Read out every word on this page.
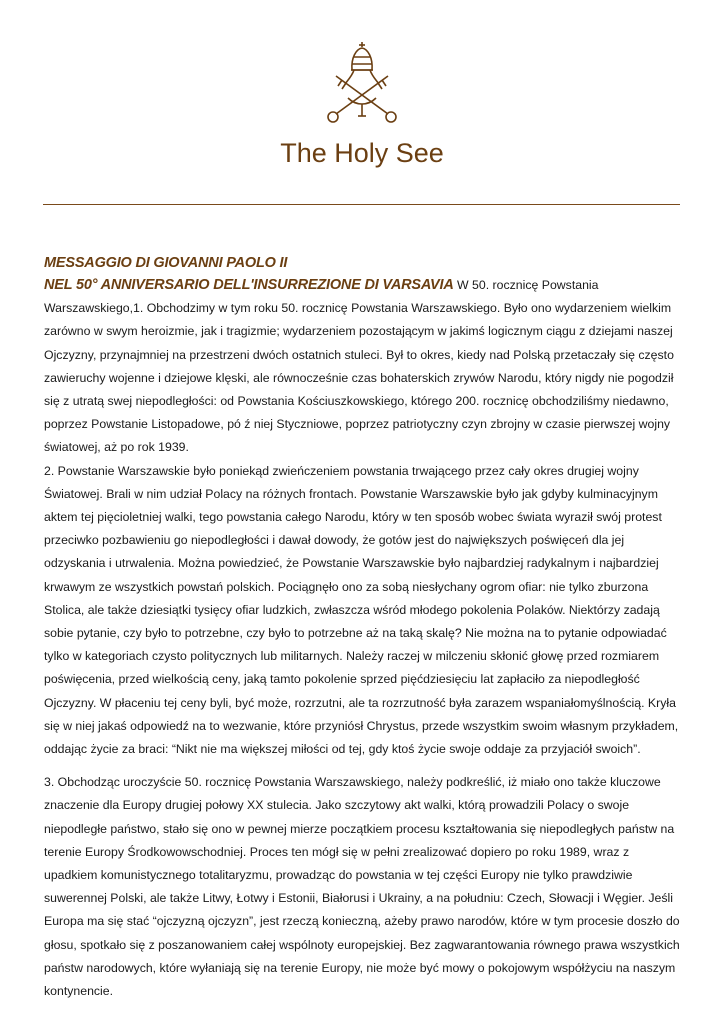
The Holy See
MESSAGGIO DI GIOVANNI PAOLO II

NEL 50° ANNIVERSARIO DELL'INSURREZIONE DI VARSAVIA W 50. rocznicę Powstania Warszawskiego,1. Obchodzimy w tym roku 50. rocznicę Powstania Warszawskiego. Było ono wydarzeniem wielkim zarówno w swym heroizmie, jak i tragizmie; wydarzeniem pozostającym w jakimś logicznym ciągu z dziejami naszej Ojczyzny, przynajmniej na przestrzeni dwóch ostatnich stuleci. Był to okres, kiedy nad Polską przetaczały się często zawieruchy wojenne i dziejowe klęski, ale równocześnie czas bohaterskich zrywów Narodu, który nigdy nie pogodził się z utratą swej niepodległości: od Powstania Kościuszkowskiego, którego 200. rocznicę obchodziliśmy niedawno, poprzez Powstanie Listopadowe, pó ź niej Styczniowe, poprzez patriotyczny czyn zbrojny w czasie pierwszej wojny światowej, aż po rok 1939.

2. Powstanie Warszawskie było poniekąd zwieńczeniem powstania trwającego przez cały okres drugiej wojny Światowej. Brali w nim udział Polacy na różnych frontach. Powstanie Warszawskie było jak gdyby kulminacyjnym aktem tej pięcioletniej walki, tego powstania całego Narodu, który w ten sposób wobec świata wyraził swój protest przeciwko pozbawieniu go niepodległości i dawał dowody, że gotów jest do największych poświęceń dla jej odzyskania i utrwalenia. Można powiedzieć, że Powstanie Warszawskie było najbardziej radykalnym i najbardziej krwawym ze wszystkich powstań polskich. Pociągnęło ono za sobą niesłychany ogrom ofiar: nie tylko zburzona Stolica, ale także dziesiątki tysięcy ofiar ludzkich, zwłaszcza wśród młodego pokolenia Polaków. Niektórzy zadają sobie pytanie, czy było to potrzebne, czy było to potrzebne aż na taką skalę? Nie można na to pytanie odpowiadać tylko w kategoriach czysto politycznych lub militarnych. Należy raczej w milczeniu skłonić głowę przed rozmiarem poświęcenia, przed wielkością ceny, jaką tamto pokolenie sprzed pięćdziesięciu lat zapłaciło za niepodległość Ojczyzny. W płaceniu tej ceny byli, być może, rozrzutni, ale ta rozrzutność była zarazem wspaniałomyślnością. Kryła się w niej jakaś odpowiedź na to wezwanie, które przyniósł Chrystus, przede wszystkim swoim własnym przykładem, oddając życie za braci: “Nikt nie ma większej miłości od tej, gdy ktoś życie swoje oddaje za przyjaciół swoich”.

3. Obchodząc uroczyście 50. rocznicę Powstania Warszawskiego, należy podkreślić, iż miało ono także kluczowe znaczenie dla Europy drugiej połowy XX stulecia. Jako szczytowy akt walki, którą prowadzili Polacy o swoje niepodległe państwo, stało się ono w pewnej mierze początkiem procesu kształtowania się niepodległych państw na terenie Europy Środkowowschodniej. Proces ten mógł się w pełni zrealizować dopiero po roku 1989, wraz z upadkiem komunistycznego totalitaryzmu, prowadząc do powstania w tej części Europy nie tylko prawdziwie suwerennej Polski, ale także Litwy, Łotwy i Estonii, Białorusi i Ukrainy, a na południu: Czech, Słowacji i Węgier. Jeśli Europa ma się stać “ojczyzną ojczyzn”, jest rzeczą konieczną, ażeby prawo narodów, które w tym procesie doszło do głosu, spotkało się z poszanowaniem całej wspólnoty europejskiej. Bez zagwarantowania równego prawa wszystkich państw narodowych, które wyłaniają się na terenie Europy, nie może być mowy o pokojowym współżyciu na naszym kontynencie.
